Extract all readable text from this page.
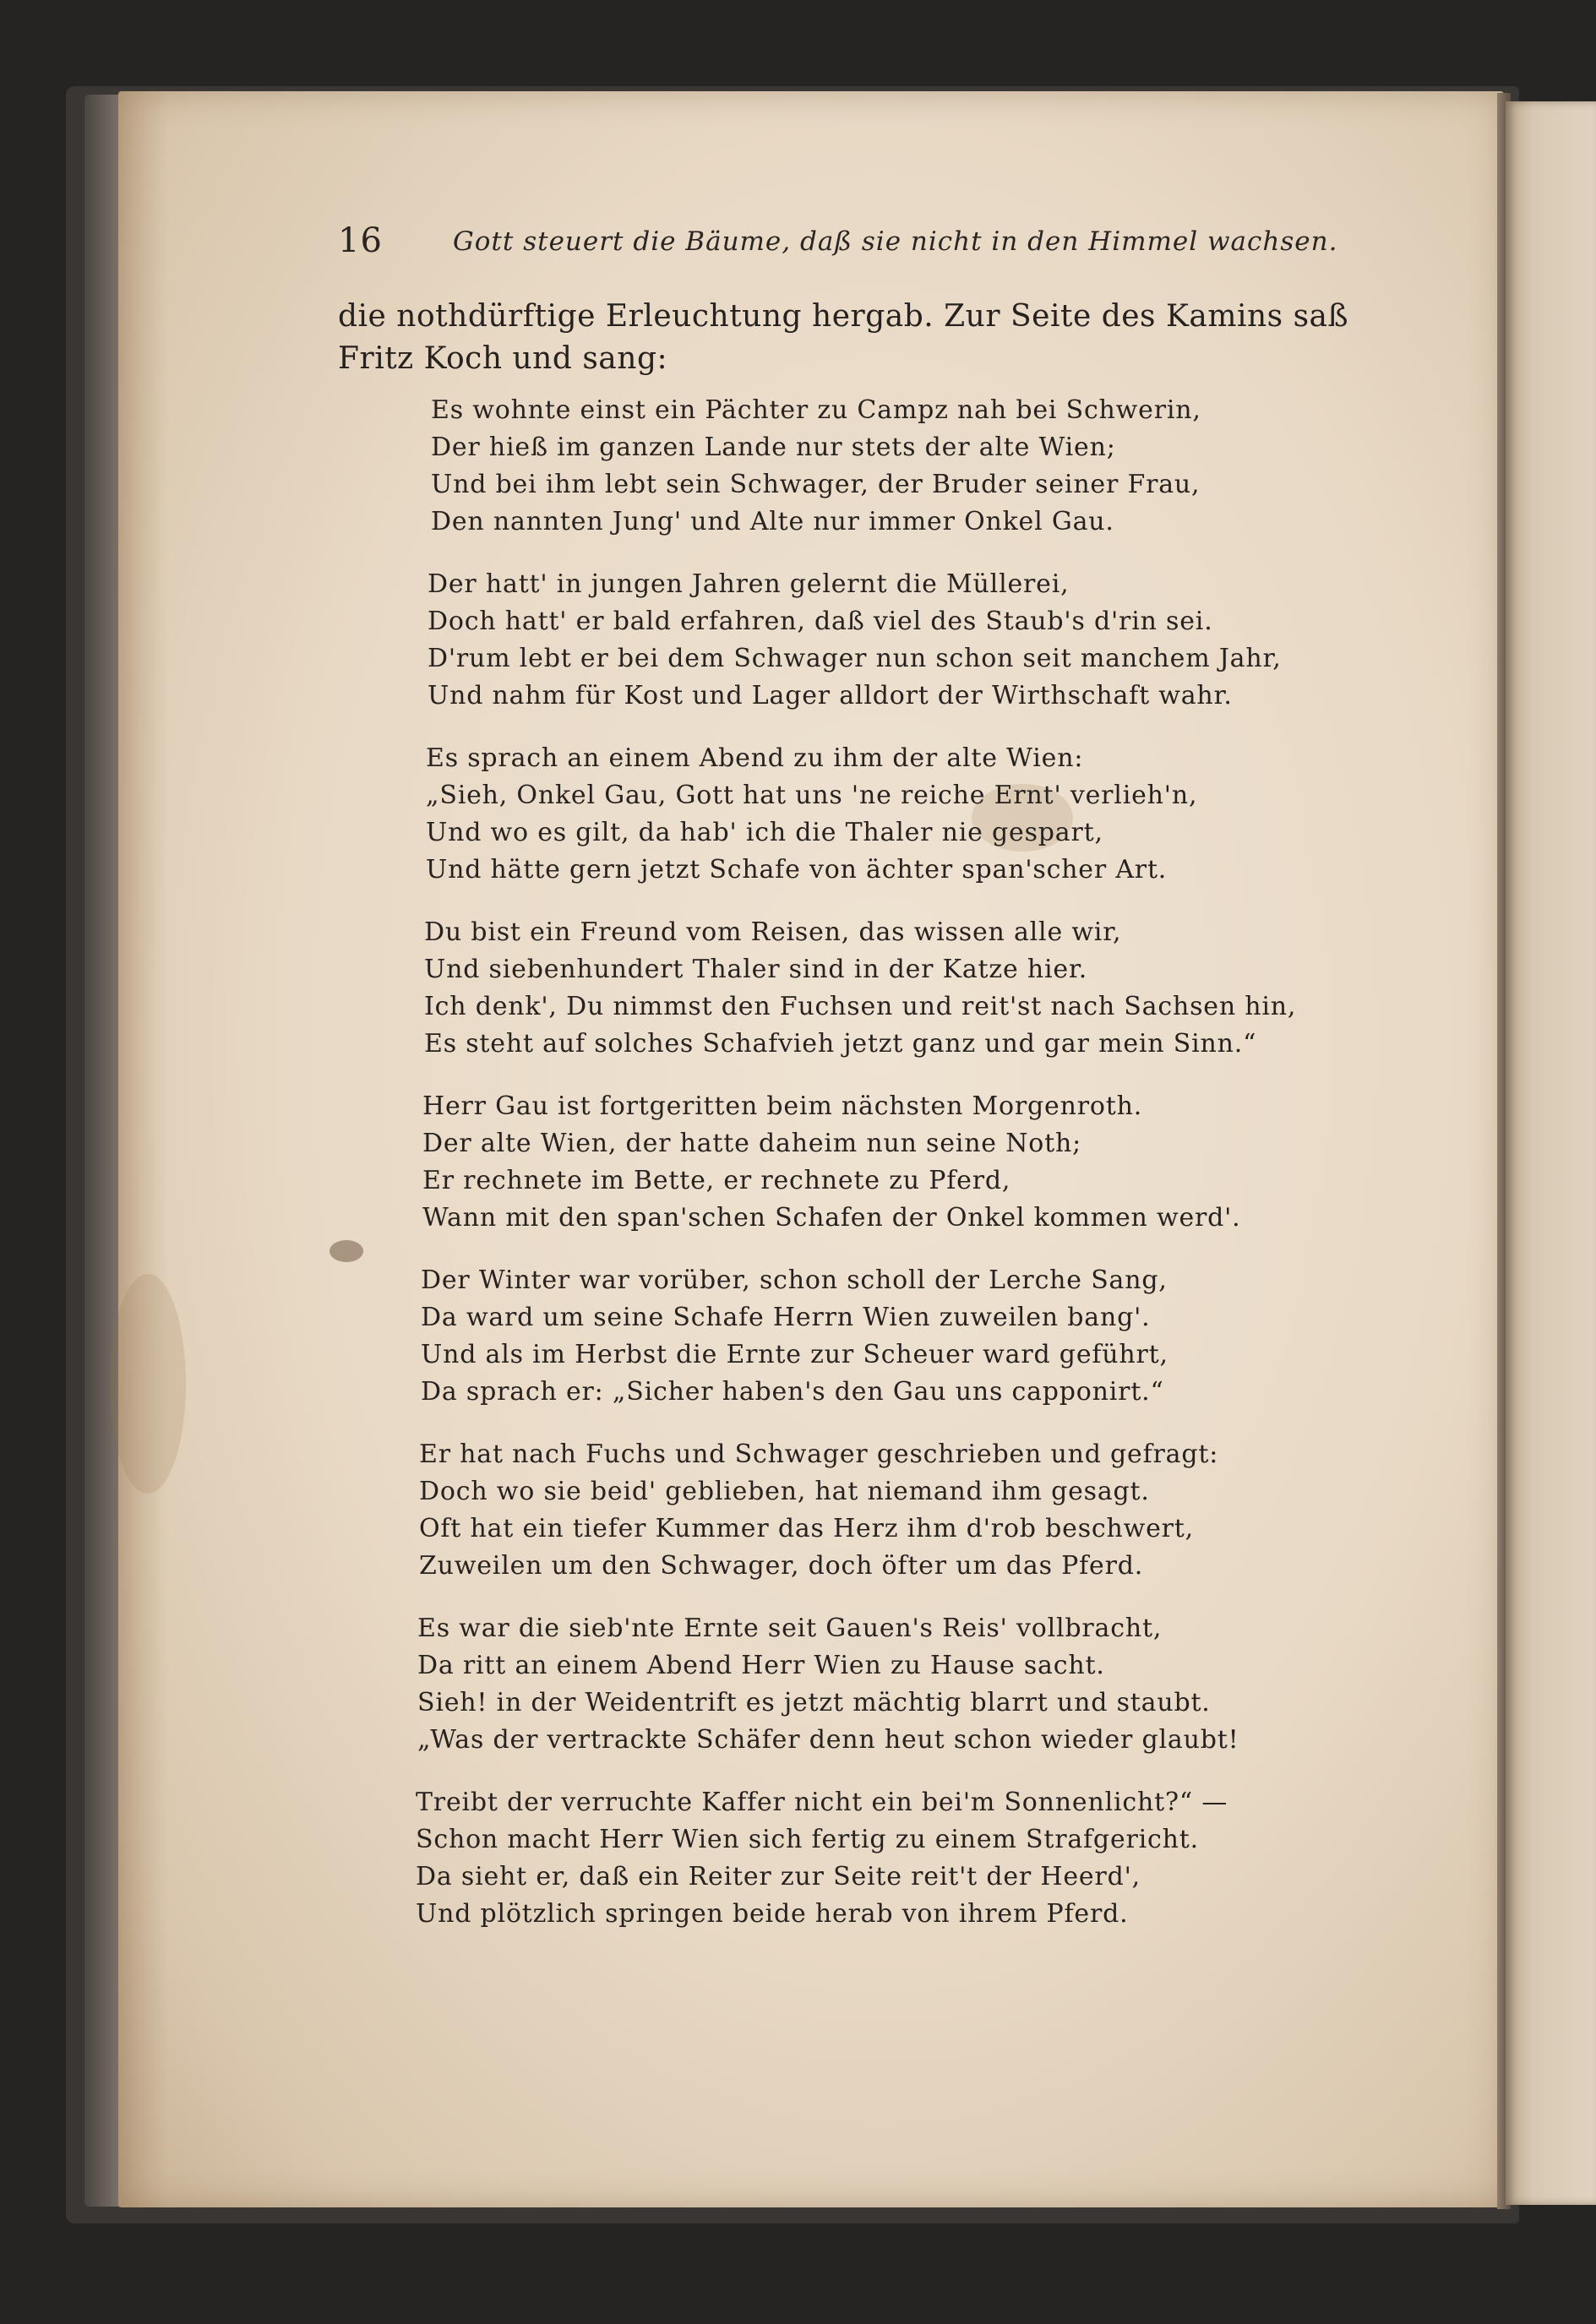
16	Gott steuert die Bäume, daß sie nicht in den Himmel wachsen.

die nothdürftige Erleuchtung hergab. Zur Seite des Kamins saß Fritz Koch und sang:

Es wohnte einst ein Pächter zu Campz nah bei Schwerin,
Der hieß im ganzen Lande nur stets der alte Wien;
Und bei ihm lebt sein Schwager, der Bruder seiner Frau,
Den nannten Jung' und Alte nur immer Onkel Gau.
Der hatt' in jungen Jahren gelernt die Müllerei,
Doch hatt' er bald erfahren, daß viel des Staub's d'rin sei.
D'rum lebt er bei dem Schwager nun schon seit manchem Jahr,
Und nahm für Kost und Lager alldort der Wirthschaft wahr.
Es sprach an einem Abend zu ihm der alte Wien:
„Sieh, Onkel Gau, Gott hat uns 'ne reiche Ernt' verlieh'n,
Und wo es gilt, da hab' ich die Thaler nie gespart,
Und hätte gern jetzt Schafe von ächter span'scher Art.
Du bist ein Freund vom Reisen, das wissen alle wir,
Und siebenhundert Thaler sind in der Katze hier.
Ich denk', Du nimmst den Fuchsen und reit'st nach Sachsen hin,
Es steht auf solches Schafvieh jetzt ganz und gar mein Sinn.“
Herr Gau ist fortgeritten beim nächsten Morgenroth.
Der alte Wien, der hatte daheim nun seine Noth;
Er rechnete im Bette, er rechnete zu Pferd,
Wann mit den span'schen Schafen der Onkel kommen werd'.
Der Winter war vorüber, schon scholl der Lerche Sang,
Da ward um seine Schafe Herrn Wien zuweilen bang'.
Und als im Herbst die Ernte zur Scheuer ward geführt,
Da sprach er: „Sicher haben's den Gau uns capponirt.“
Er hat nach Fuchs und Schwager geschrieben und gefragt:
Doch wo sie beid' geblieben, hat niemand ihm gesagt.
Oft hat ein tiefer Kummer das Herz ihm d'rob beschwert,
Zuweilen um den Schwager, doch öfter um das Pferd.
Es war die sieb'nte Ernte seit Gauen's Reis' vollbracht,
Da ritt an einem Abend Herr Wien zu Hause sacht.
Sieh! in der Weidentrift es jetzt mächtig blarrt und staubt.
„Was der vertrackte Schäfer denn heut schon wieder glaubt!
Treibt der verruchte Kaffer nicht ein bei'm Sonnenlicht?“ —
Schon macht Herr Wien sich fertig zu einem Strafgericht.
Da sieht er, daß ein Reiter zur Seite reit't der Heerd',
Und plötzlich springen beide herab von ihrem Pferd.
